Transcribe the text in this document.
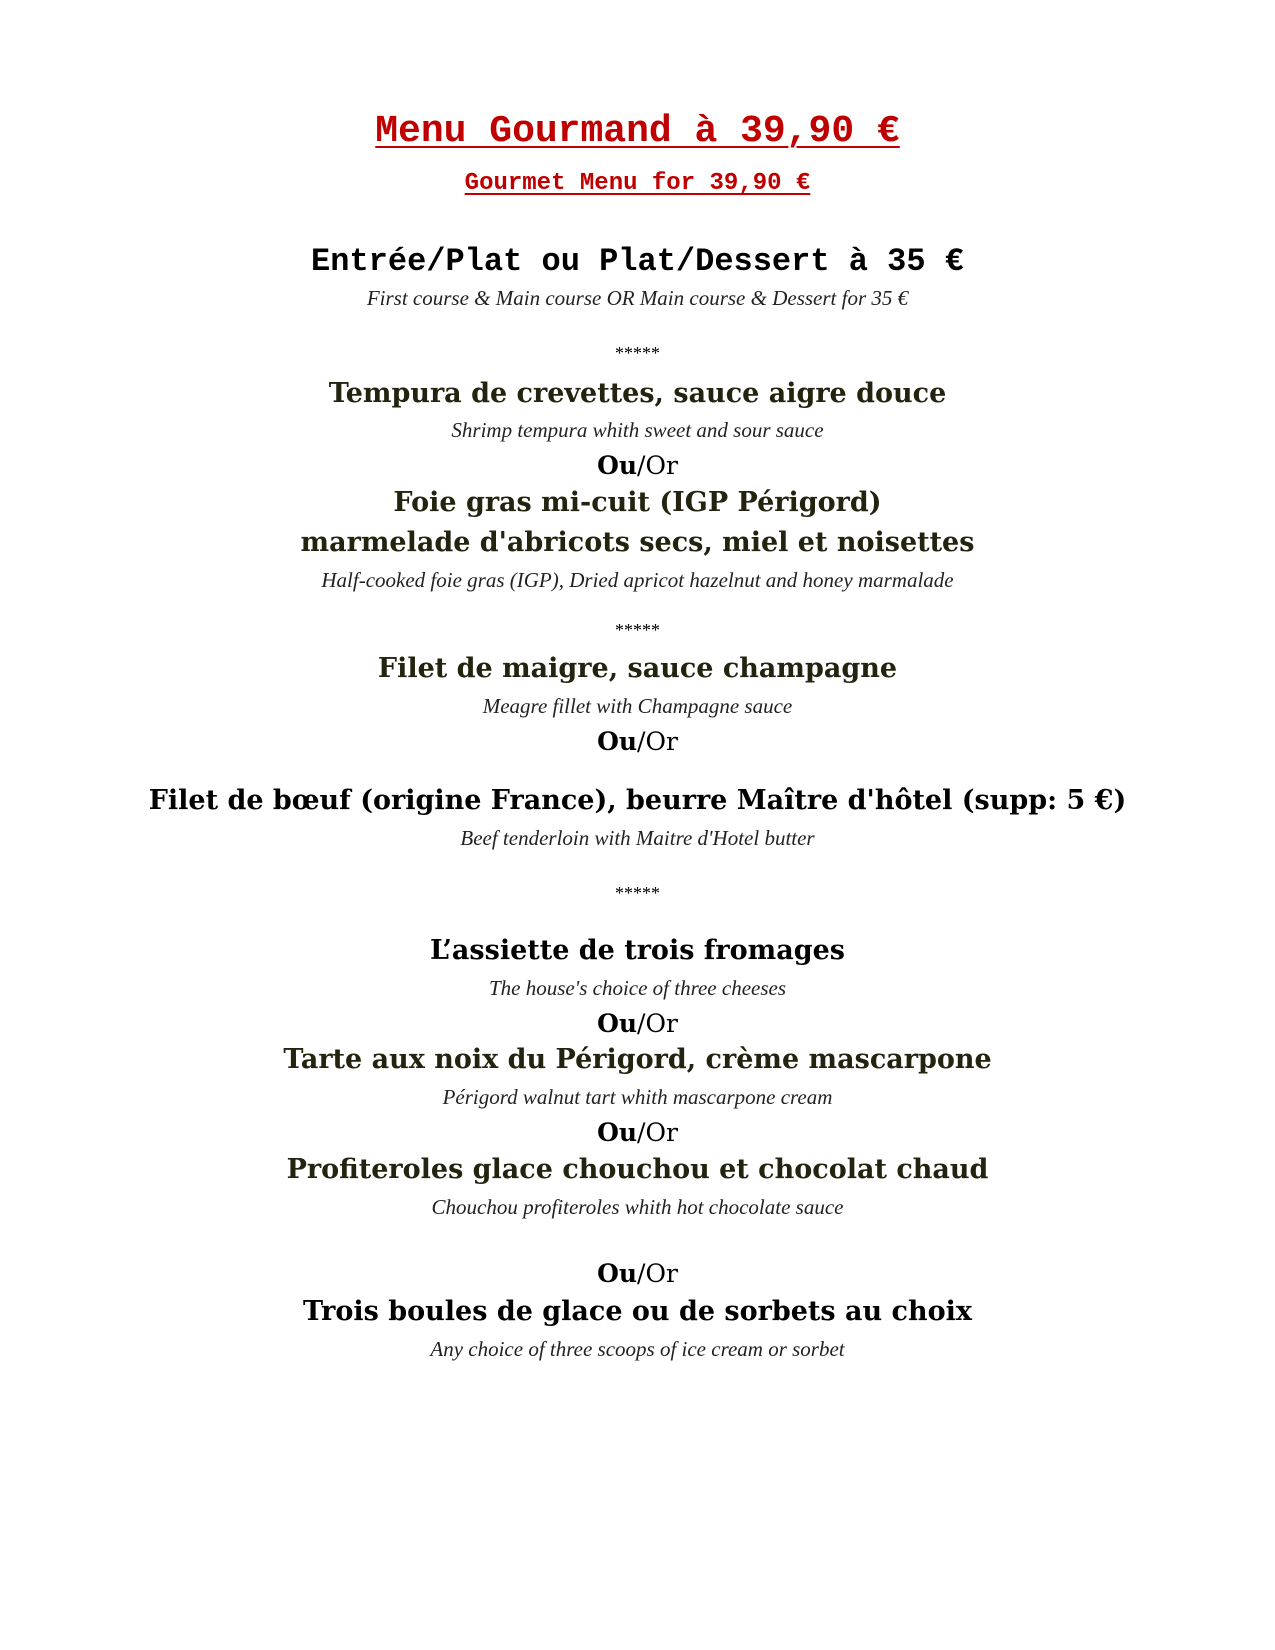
Menu Gourmand à 39,90 €
Gourmet Menu for 39,90 €
Entrée/Plat ou Plat/Dessert à 35 €
First course & Main course OR Main course & Dessert for 35 €
*****
Tempura de crevettes, sauce aigre douce
Shrimp tempura whith sweet and sour sauce
Ou/Or
Foie gras mi-cuit (IGP Périgord)
marmelade d'abricots secs, miel et noisettes
Half-cooked foie gras (IGP), Dried apricot hazelnut and honey marmalade
*****
Filet de maigre, sauce champagne
Meagre fillet with Champagne sauce
Ou/Or
Filet de bœuf (origine France), beurre Maître d'hôtel (supp: 5 €)
Beef tenderloin with Maitre d'Hotel butter
*****
L’assiette de trois fromages
The house's choice of three cheeses
Ou/Or
Tarte aux noix du Périgord, crème mascarpone
Périgord walnut tart whith mascarpone cream
Ou/Or
Profiteroles glace chouchou et chocolat chaud
Chouchou profiteroles whith hot chocolate sauce
Ou/Or
Trois boules de glace ou de sorbets au choix
Any choice of three scoops of ice cream or sorbet
